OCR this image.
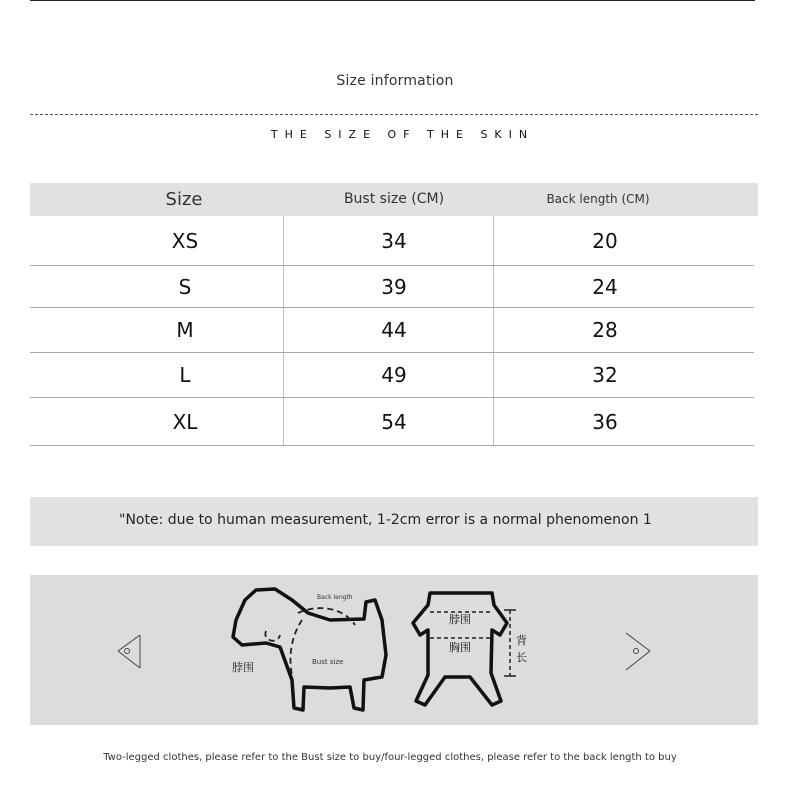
Size information
THE SIZE OF THE SKIN
Size	Bust size (CM)	Back length (CM)
XS	34	20
S	39	24
M	44	28
L	49	32
XL	54	36
"Note: due to human measurement, 1-2cm error is a normal phenomenon 1
Back length
Bust size
脖围
脖围
胸围
背
长
Two-legged clothes, please refer to the Bust size to buy/four-legged clothes, please refer to the back length to buy
